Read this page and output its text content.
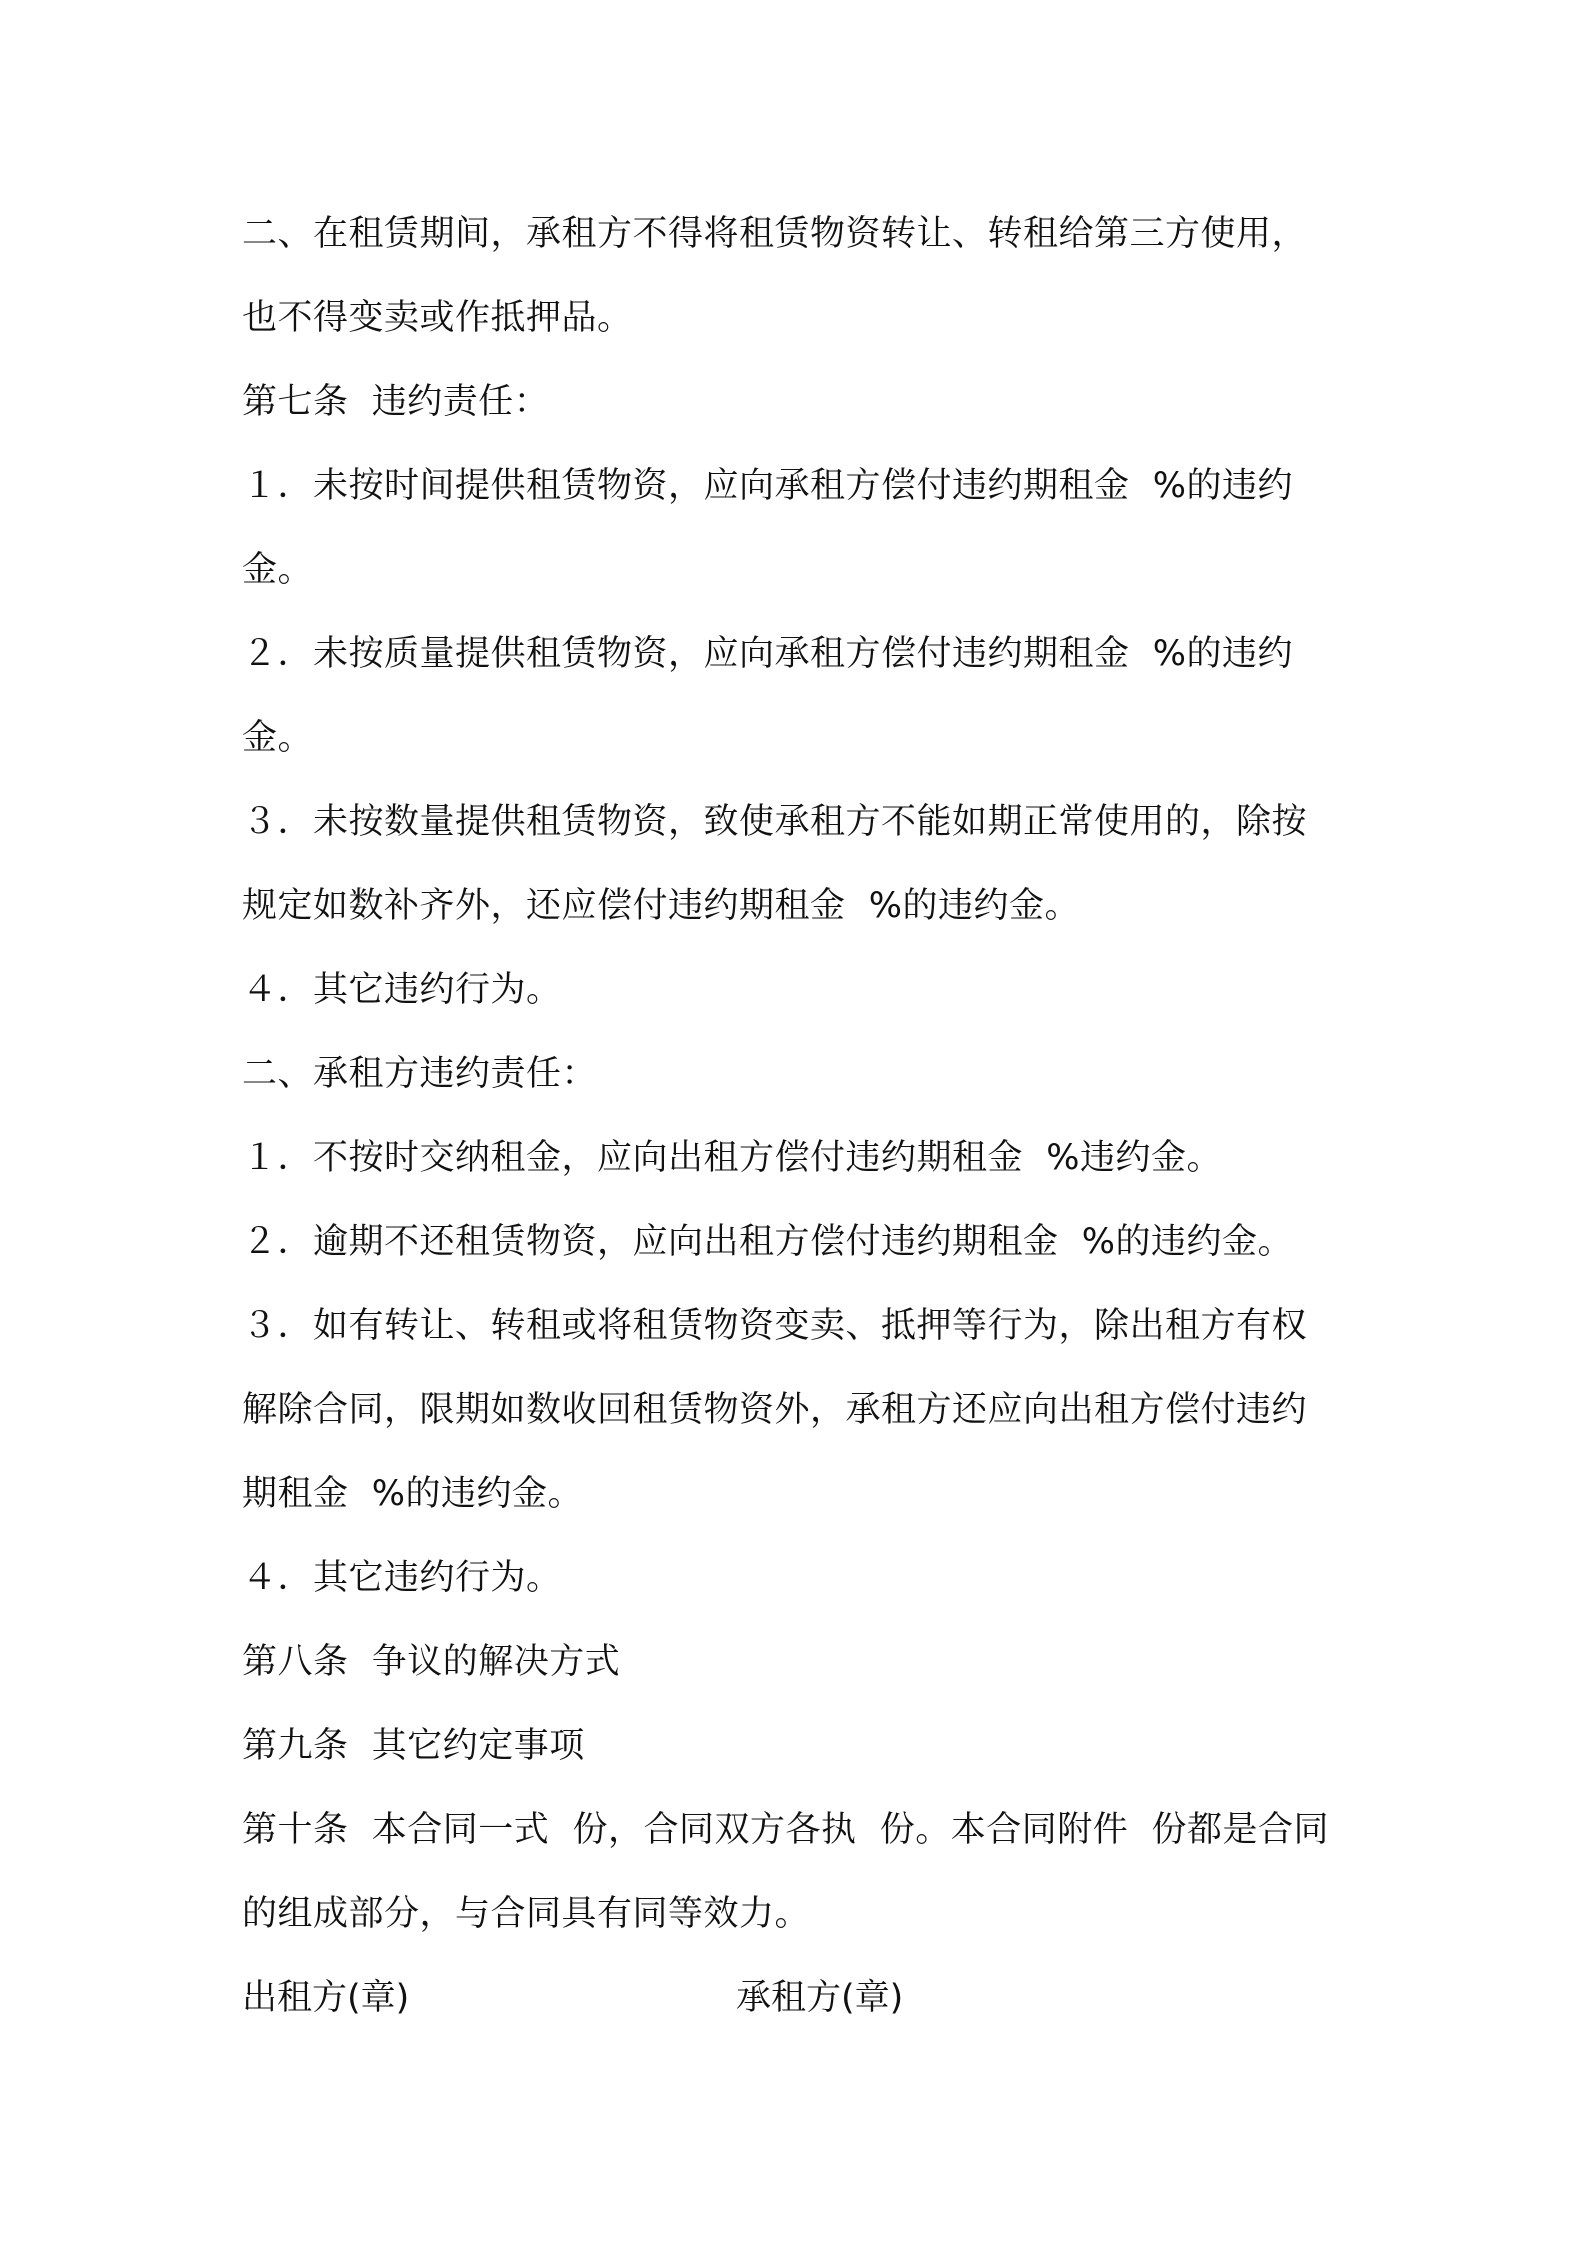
二、在租赁期间，承租方不得将租赁物资转让、转租给第三方使用，
也不得变卖或作抵押品。
第七条  违约责任：
１．未按时间提供租赁物资，应向承租方偿付违约期租金  %的违约
金。
２．未按质量提供租赁物资，应向承租方偿付违约期租金  %的违约
金。
３．未按数量提供租赁物资，致使承租方不能如期正常使用的，除按
规定如数补齐外，还应偿付违约期租金  %的违约金。
４．其它违约行为。
二、承租方违约责任：
１．不按时交纳租金，应向出租方偿付违约期租金  %违约金。
２．逾期不还租赁物资，应向出租方偿付违约期租金  %的违约金。
３．如有转让、转租或将租赁物资变卖、抵押等行为，除出租方有权
解除合同，限期如数收回租赁物资外，承租方还应向出租方偿付违约
期租金  %的违约金。
４．其它违约行为。
第八条  争议的解决方式
第九条  其它约定事项
第十条  本合同一式  份，合同双方各执  份。本合同附件  份都是合同
的组成部分，与合同具有同等效力。
出租方(章)	承租方(章)
